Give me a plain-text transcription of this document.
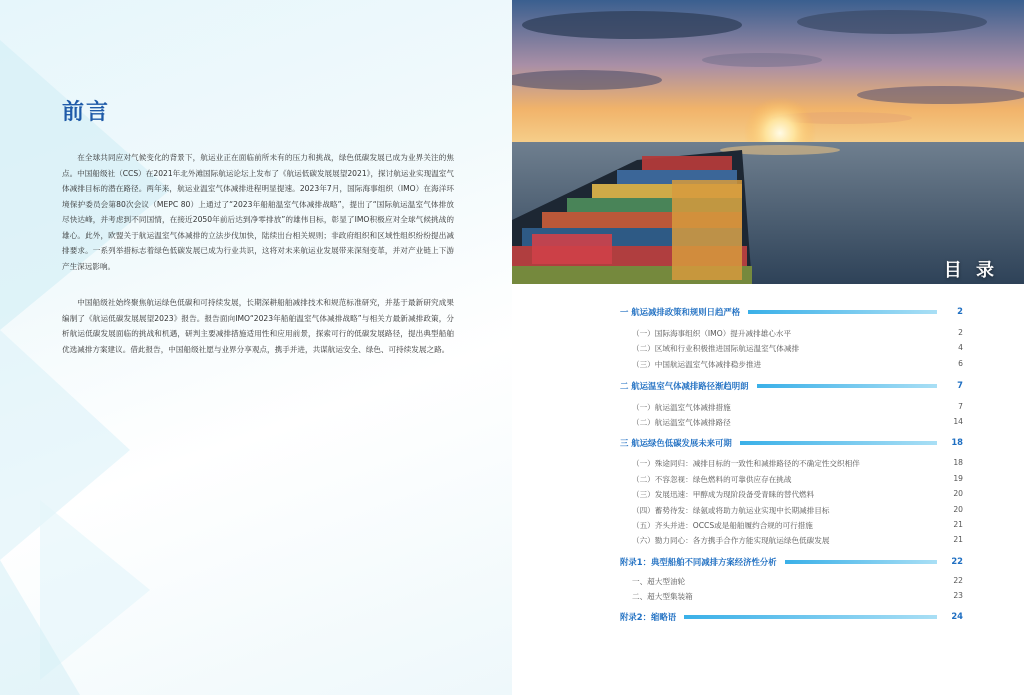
前言

在全球共同应对气候变化的背景下，航运业正在面临前所未有的压力和挑战，绿色低碳发展已成为业界关注的焦点。中国船级社（CCS）在2021年北外滩国际航运论坛上发布了《航运低碳发展展望2021》，探讨航运业实现温室气体减排目标的潜在路径。两年来，航运业温室气体减排进程明显提速。2023年7月，国际海事组织（IMO）在海洋环境保护委员会第80次会议（MEPC 80）上通过了“2023年船舶温室气体减排战略”，提出了“国际航运温室气体排放尽快达峰，并考虑到不同国情，在接近2050年前后达到净零排放”的雄伟目标，彰显了IMO积极应对全球气候挑战的雄心。此外，欧盟关于航运温室气体减排的立法步伐加快，陆续出台相关规则；非政府组织和区域性组织纷纷提出减排要求。一系列举措标志着绿色低碳发展已成为行业共识，这将对未来航运业发展带来深刻变革，并对产业链上下游产生深远影响。

中国船级社始终聚焦航运绿色低碳和可持续发展，长期深耕船舶减排技术和规范标准研究，并基于最新研究成果编制了《航运低碳发展展望2023》报告。报告面向IMO“2023年船舶温室气体减排战略”与相关方最新减排政策，分析航运低碳发展面临的挑战和机遇，研判主要减排措施适用性和应用前景，探索可行的低碳发展路径，提出典型船舶优选减排方案建议。借此报告，中国船级社愿与业界分享观点，携手并进，共谋航运安全、绿色、可持续发展之路。

目 录
一 航运减排政策和规则日趋严格	2
（一）国际海事组织（IMO）提升减排雄心水平	2
（二）区域和行业积极推进国际航运温室气体减排	4
（三）中国航运温室气体减排稳步推进	6
二 航运温室气体减排路径渐趋明朗	7
（一）航运温室气体减排措施	7
（二）航运温室气体减排路径	14
三 航运绿色低碳发展未来可期	18
（一）殊途同归：减排目标的一致性和减排路径的不确定性交织相伴	18
（二）不容忽视：绿色燃料的可靠供应存在挑战	19
（三）发展迅速：甲醇成为现阶段备受青睐的替代燃料	20
（四）蓄势待发：绿氨或将助力航运业实现中长期减排目标	20
（五）齐头并进：OCCS或是船舶履约合规的可行措施	21
（六）勠力同心：各方携手合作方能实现航运绿色低碳发展	21
附录1：典型船舶不同减排方案经济性分析	22
一、超大型油轮	22
二、超大型集装箱	23
附录2：缩略语	24
